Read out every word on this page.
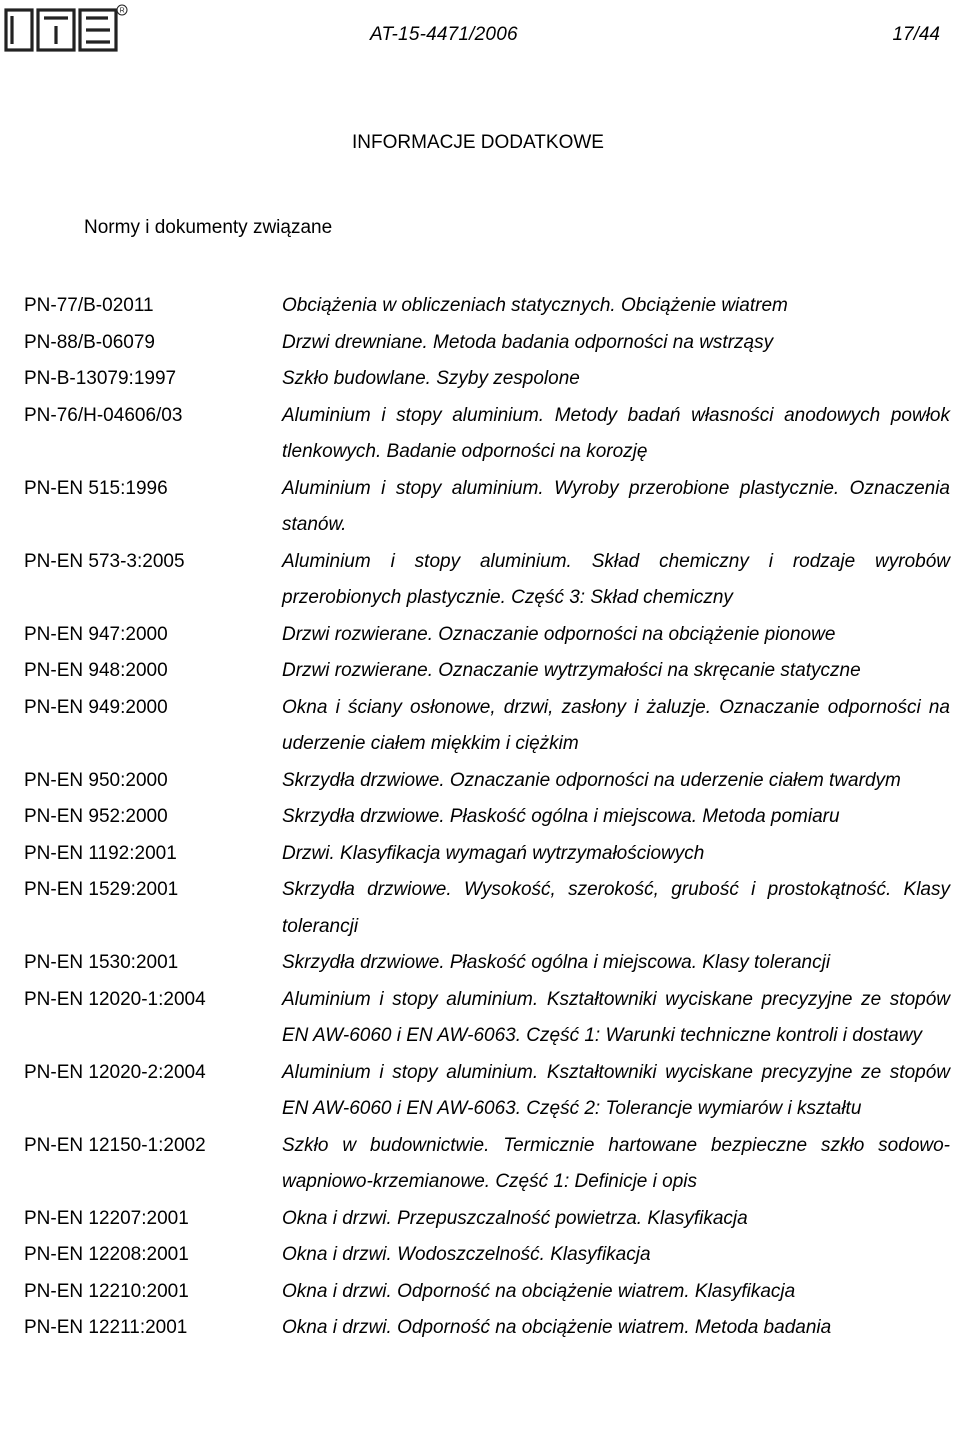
R
AT-15-4471/2006	17/44
INFORMACJE DODATKOWE
Normy i dokumenty związane
PN-77/B-02011	Obciążenia w obliczeniach statycznych. Obciążenie wiatrem
PN-88/B-06079	Drzwi drewniane. Metoda badania odporności na wstrząsy
PN-B-13079:1997	Szkło budowlane. Szyby zespolone
PN-76/H-04606/03	Aluminium i stopy aluminium. Metody badań własności anodowych powłok tlenkowych. Badanie odporności na korozję
PN-EN 515:1996	Aluminium i stopy aluminium. Wyroby przerobione plastycznie. Oznaczenia stanów.
PN-EN 573-3:2005	Aluminium i stopy aluminium. Skład chemiczny i rodzaje wyrobów przerobionych plastycznie. Część 3: Skład chemiczny
PN-EN 947:2000	Drzwi rozwierane. Oznaczanie odporności na obciążenie pionowe
PN-EN 948:2000	Drzwi rozwierane. Oznaczanie wytrzymałości na skręcanie statyczne
PN-EN 949:2000	Okna i ściany osłonowe, drzwi, zasłony i żaluzje. Oznaczanie odporności na uderzenie ciałem miękkim i ciężkim
PN-EN 950:2000	Skrzydła drzwiowe. Oznaczanie odporności na uderzenie ciałem twardym
PN-EN 952:2000	Skrzydła drzwiowe. Płaskość ogólna i miejscowa. Metoda pomiaru
PN-EN 1192:2001	Drzwi. Klasyfikacja wymagań wytrzymałościowych
PN-EN 1529:2001	Skrzydła drzwiowe. Wysokość, szerokość, grubość i prostokątność. Klasy tolerancji
PN-EN 1530:2001	Skrzydła drzwiowe. Płaskość ogólna i miejscowa. Klasy tolerancji
PN-EN 12020-1:2004	Aluminium i stopy aluminium. Kształtowniki wyciskane precyzyjne ze stopów EN AW-6060 i EN AW-6063. Część 1: Warunki techniczne kontroli i dostawy
PN-EN 12020-2:2004	Aluminium i stopy aluminium. Kształtowniki wyciskane precyzyjne ze stopów EN AW-6060 i EN AW-6063. Część 2: Tolerancje wymiarów i kształtu
PN-EN 12150-1:2002	Szkło w budownictwie. Termicznie hartowane bezpieczne szkło sodowo-wapniowo-krzemianowe. Część 1: Definicje i opis
PN-EN 12207:2001	Okna i drzwi. Przepuszczalność powietrza. Klasyfikacja
PN-EN 12208:2001	Okna i drzwi. Wodoszczelność. Klasyfikacja
PN-EN 12210:2001	Okna i drzwi. Odporność na obciążenie wiatrem. Klasyfikacja
PN-EN 12211:2001	Okna i drzwi. Odporność na obciążenie wiatrem. Metoda badania
